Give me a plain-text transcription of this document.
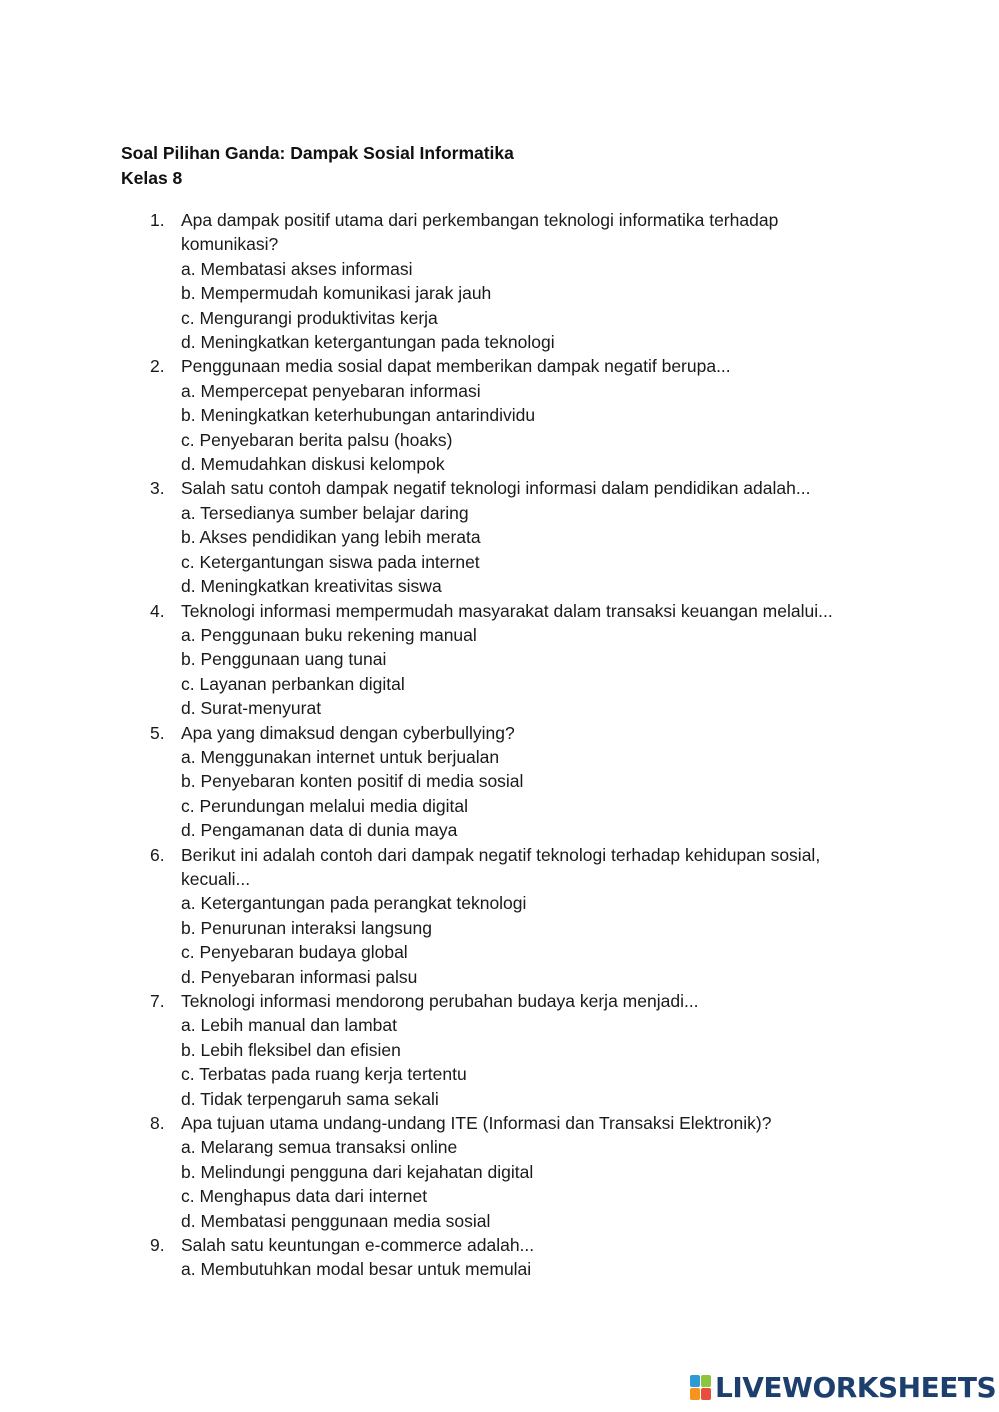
Soal Pilihan Ganda: Dampak Sosial Informatika
Kelas 8
1. Apa dampak positif utama dari perkembangan teknologi informatika terhadap komunikasi?
a. Membatasi akses informasi
b. Mempermudah komunikasi jarak jauh
c. Mengurangi produktivitas kerja
d. Meningkatkan ketergantungan pada teknologi
2. Penggunaan media sosial dapat memberikan dampak negatif berupa...
a. Mempercepat penyebaran informasi
b. Meningkatkan keterhubungan antarindividu
c. Penyebaran berita palsu (hoaks)
d. Memudahkan diskusi kelompok
3. Salah satu contoh dampak negatif teknologi informasi dalam pendidikan adalah...
a. Tersedianya sumber belajar daring
b. Akses pendidikan yang lebih merata
c. Ketergantungan siswa pada internet
d. Meningkatkan kreativitas siswa
4. Teknologi informasi mempermudah masyarakat dalam transaksi keuangan melalui...
a. Penggunaan buku rekening manual
b. Penggunaan uang tunai
c. Layanan perbankan digital
d. Surat-menyurat
5. Apa yang dimaksud dengan cyberbullying?
a. Menggunakan internet untuk berjualan
b. Penyebaran konten positif di media sosial
c. Perundungan melalui media digital
d. Pengamanan data di dunia maya
6. Berikut ini adalah contoh dari dampak negatif teknologi terhadap kehidupan sosial, kecuali...
a. Ketergantungan pada perangkat teknologi
b. Penurunan interaksi langsung
c. Penyebaran budaya global
d. Penyebaran informasi palsu
7. Teknologi informasi mendorong perubahan budaya kerja menjadi...
a. Lebih manual dan lambat
b. Lebih fleksibel dan efisien
c. Terbatas pada ruang kerja tertentu
d. Tidak terpengaruh sama sekali
8. Apa tujuan utama undang-undang ITE (Informasi dan Transaksi Elektronik)?
a. Melarang semua transaksi online
b. Melindungi pengguna dari kejahatan digital
c. Menghapus data dari internet
d. Membatasi penggunaan media sosial
9. Salah satu keuntungan e-commerce adalah...
a. Membutuhkan modal besar untuk memulai
LIVEWORKSHEETS
